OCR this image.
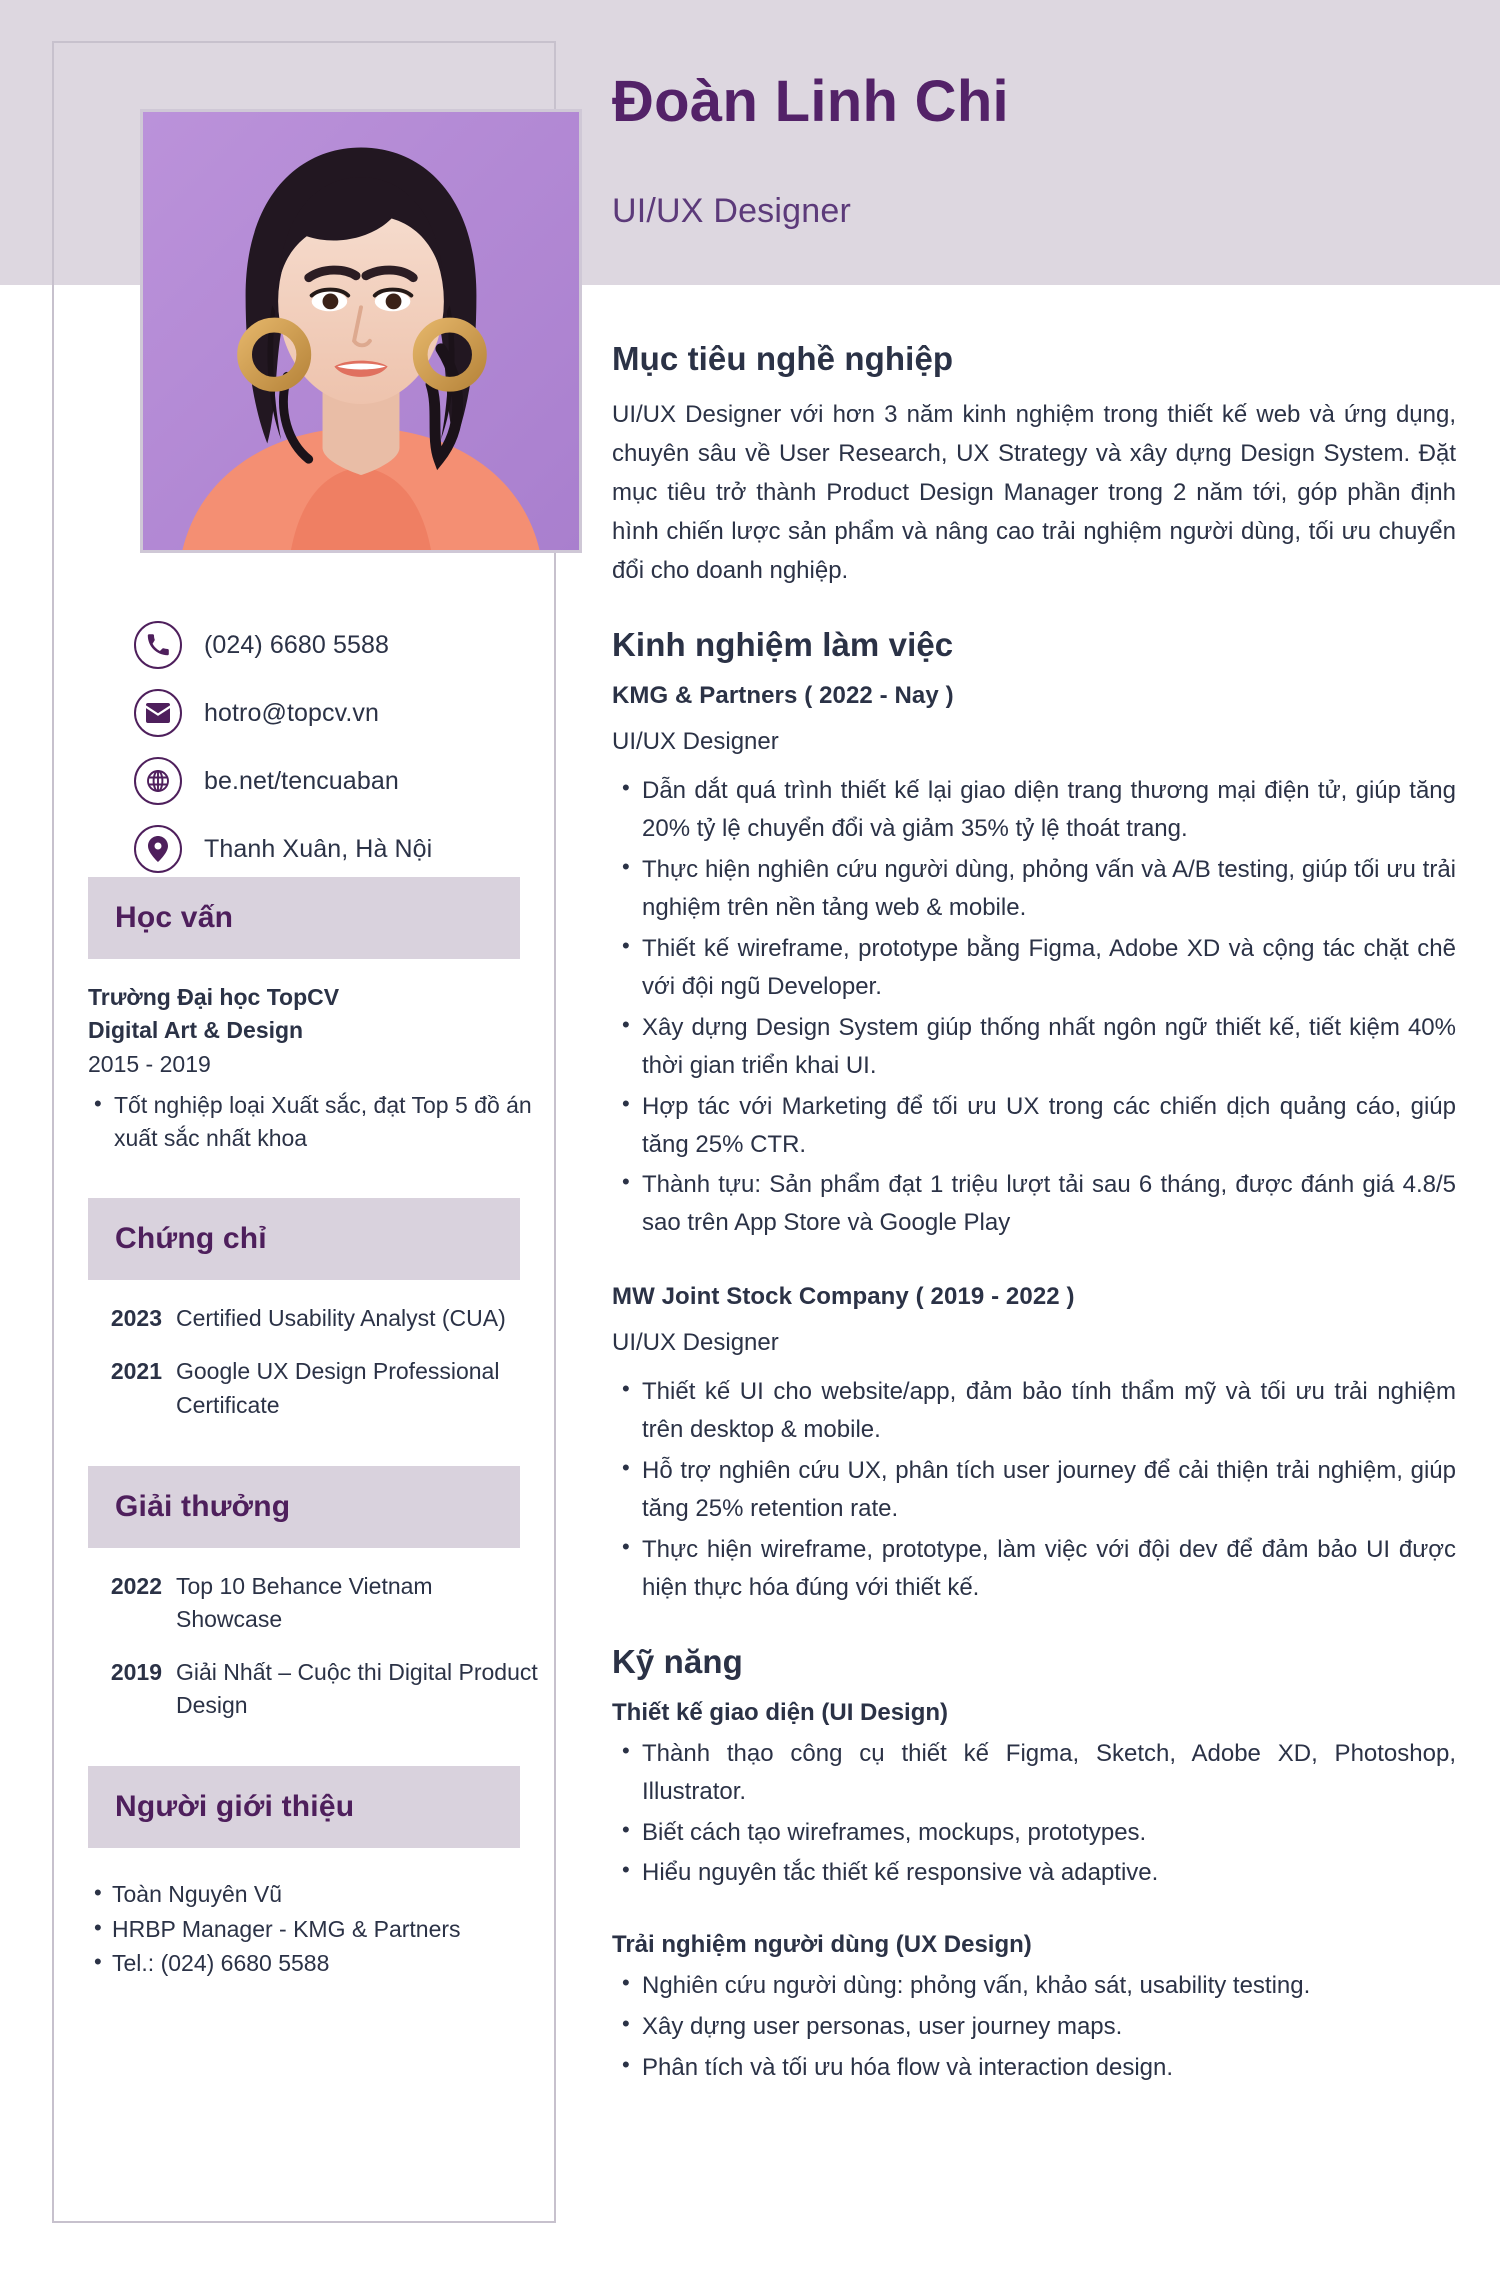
(024) 6680 5588
hotro@topcv.vn
be.net/tencuaban
Thanh Xuân, Hà Nội
Học vấn
Trường Đại học TopCV
Digital Art & Design
2015 - 2019
• Tốt nghiệp loại Xuất sắc, đạt Top 5 đồ án xuất sắc nhất khoa
Chứng chỉ
2023 Certified Usability Analyst (CUA)
2021 Google UX Design Professional Certificate
Giải thưởng
2022 Top 10 Behance Vietnam Showcase
2019 Giải Nhất – Cuộc thi Digital Product Design
Người giới thiệu
• Toàn Nguyên Vũ
• HRBP Manager - KMG & Partners
• Tel.: (024) 6680 5588
Đoàn Linh Chi
UI/UX Designer
Mục tiêu nghề nghiệp

UI/UX Designer với hơn 3 năm kinh nghiệm trong thiết kế web và ứng dụng, chuyên sâu về User Research, UX Strategy và xây dựng Design System. Đặt mục tiêu trở thành Product Design Manager trong 2 năm tới, góp phần định hình chiến lược sản phẩm và nâng cao trải nghiệm người dùng, tối ưu chuyển đổi cho doanh nghiệp.

Kinh nghiệm làm việc
KMG & Partners ( 2022 - Nay )
UI/UX Designer
• Dẫn dắt quá trình thiết kế lại giao diện trang thương mại điện tử, giúp tăng 20% tỷ lệ chuyển đổi và giảm 35% tỷ lệ thoát trang.
• Thực hiện nghiên cứu người dùng, phỏng vấn và A/B testing, giúp tối ưu trải nghiệm trên nền tảng web & mobile.
• Thiết kế wireframe, prototype bằng Figma, Adobe XD và cộng tác chặt chẽ với đội ngũ Developer.
• Xây dựng Design System giúp thống nhất ngôn ngữ thiết kế, tiết kiệm 40% thời gian triển khai UI.
• Hợp tác với Marketing để tối ưu UX trong các chiến dịch quảng cáo, giúp tăng 25% CTR.
• Thành tựu: Sản phẩm đạt 1 triệu lượt tải sau 6 tháng, được đánh giá 4.8/5 sao trên App Store và Google Play
MW Joint Stock Company ( 2019 - 2022 )
UI/UX Designer
• Thiết kế UI cho website/app, đảm bảo tính thẩm mỹ và tối ưu trải nghiệm trên desktop & mobile.
• Hỗ trợ nghiên cứu UX, phân tích user journey để cải thiện trải nghiệm, giúp tăng 25% retention rate.
• Thực hiện wireframe, prototype, làm việc với đội dev để đảm bảo UI được hiện thực hóa đúng với thiết kế.
Kỹ năng
Thiết kế giao diện (UI Design)
• Thành thạo công cụ thiết kế Figma, Sketch, Adobe XD, Photoshop, Illustrator.
• Biết cách tạo wireframes, mockups, prototypes.
• Hiểu nguyên tắc thiết kế responsive và adaptive.
Trải nghiệm người dùng (UX Design)
• Nghiên cứu người dùng: phỏng vấn, khảo sát, usability testing.
• Xây dựng user personas, user journey maps.
• Phân tích và tối ưu hóa flow và interaction design.
